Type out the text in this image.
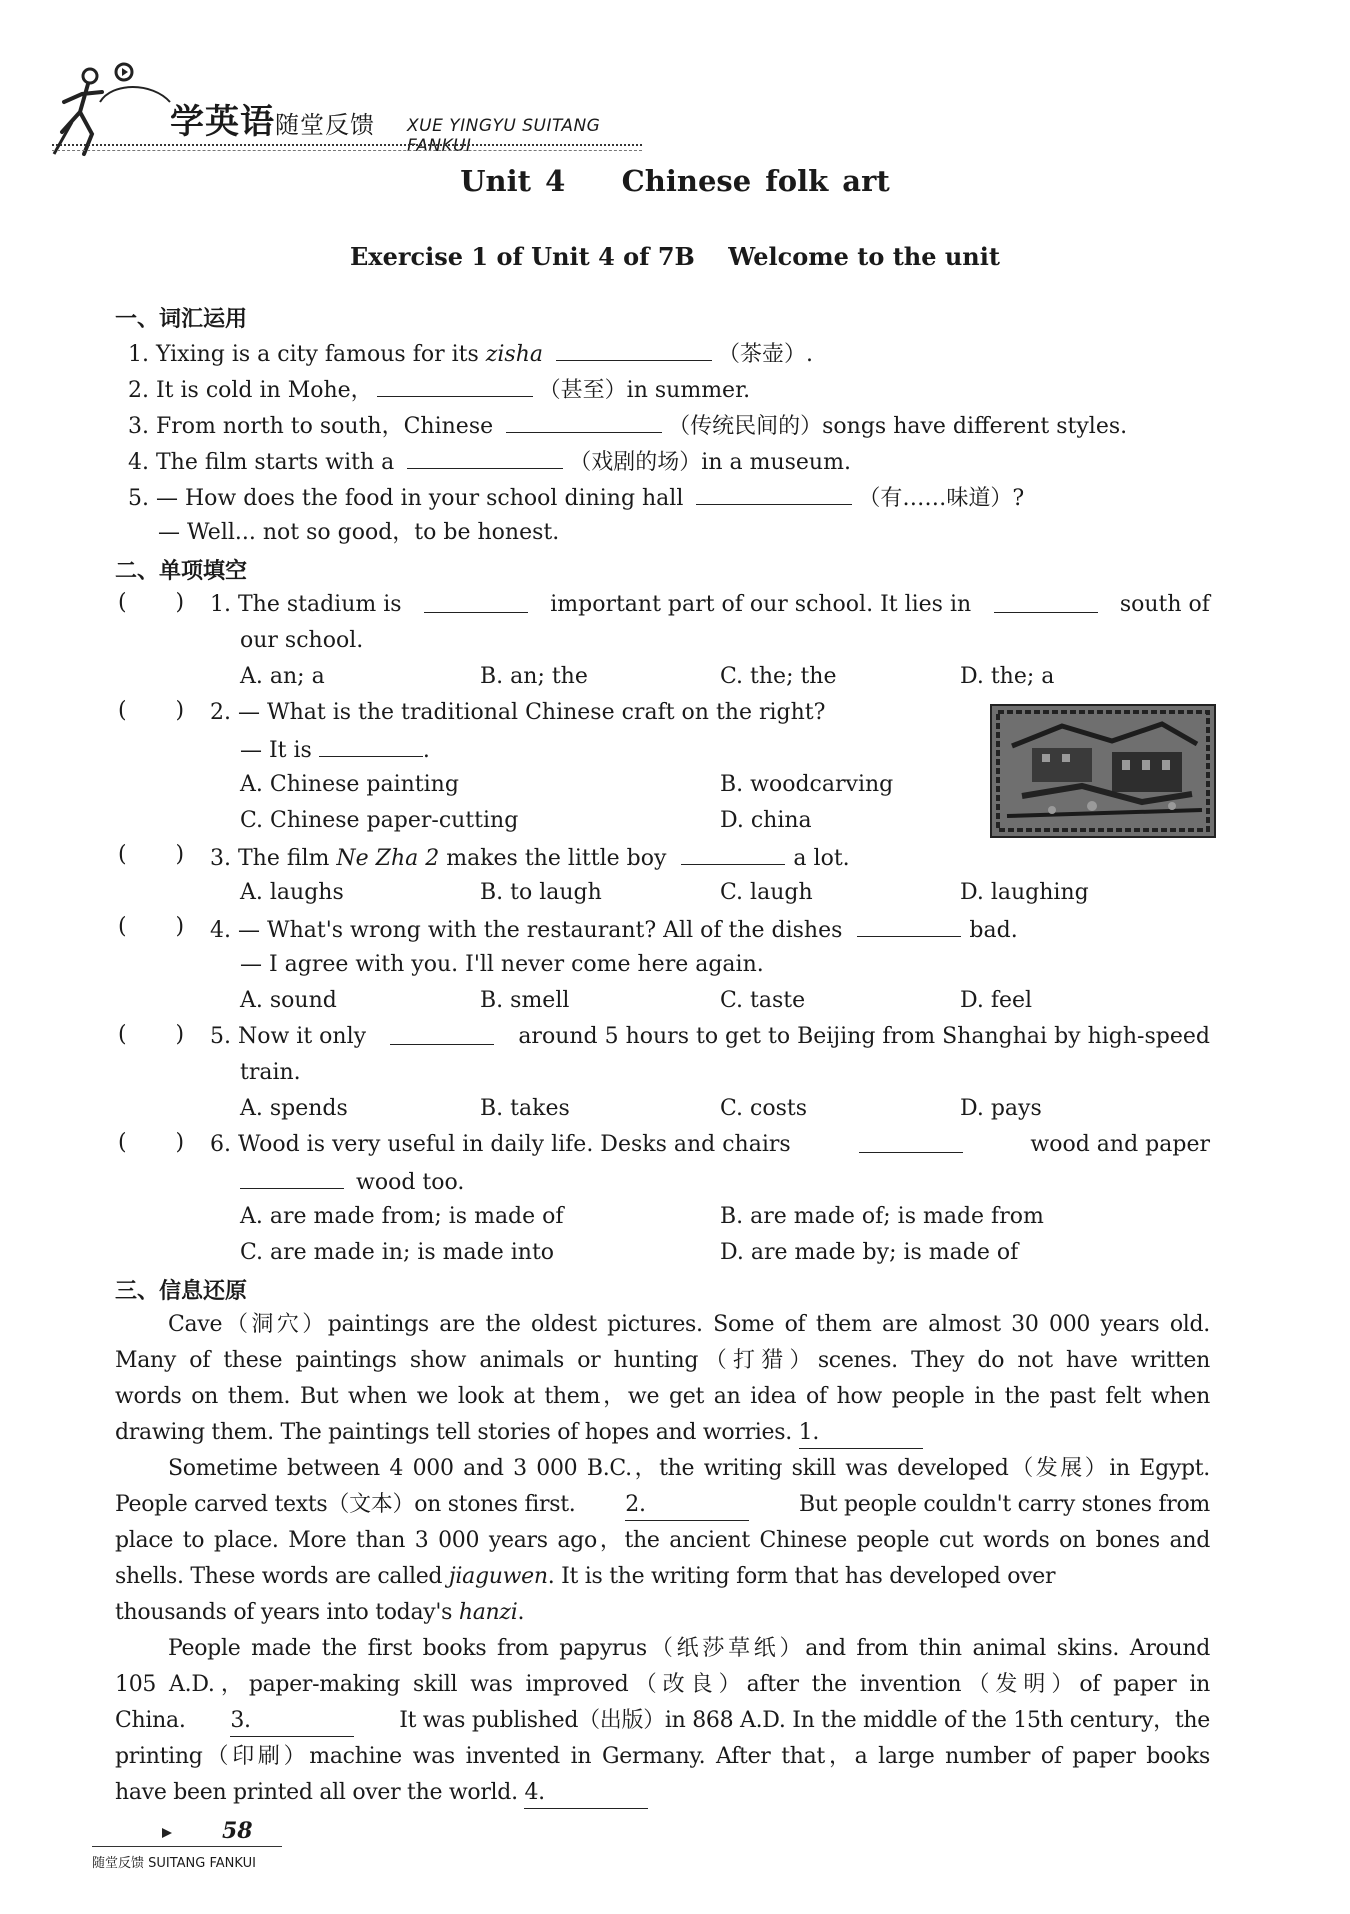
学英语随堂反馈 XUE YINGYU SUITANG FANKUI
Unit 4    Chinese folk art
Exercise 1 of Unit 4 of 7B    Welcome to the unit
一、词汇运用
1. Yixing is a city famous for its zisha	（茶壶）.
2. It is cold in Mohe，	（甚至）in summer.
3. From north to south，Chinese	（传统民间的）songs have different styles.
4. The film starts with a	（戏剧的场）in a museum.
5. — How does the food in your school dining hall	（有……味道）?
— Well... not so good，to be honest.
二、单项填空
(       ) 1. The stadium is	important part of our school. It lies in	south of
our school.
A. an; a	B. an; the	C. the; the	D. the; a
(       ) 2. — What is the traditional Chinese craft on the right?
— It is	.
A. Chinese painting	B. woodcarving
C. Chinese paper-cutting	D. china
(       ) 3. The film Ne Zha 2 makes the little boy	a lot.
A. laughs	B. to laugh	C. laugh	D. laughing
(       ) 4. — What's wrong with the restaurant? All of the dishes	bad.
— I agree with you. I'll never come here again.
A. sound	B. smell	C. taste	D. feel
(       ) 5. Now it only	around 5 hours to get to Beijing from Shanghai by high-speed
train.
A. spends	B. takes	C. costs	D. pays
(       ) 6. Wood is very useful in daily life. Desks and chairs	wood and paper
wood too.
A. are made from; is made of	B. are made of; is made from
C. are made in; is made into	D. are made by; is made of
三、信息还原
Cave（洞穴）paintings are the oldest pictures. Some of them are almost 30 000 years old.
Many of these paintings show animals or hunting（打猎）scenes. They do not have written
words on them. But when we look at them，we get an idea of how people in the past felt when
drawing them. The paintings tell stories of hopes and worries. 1.
Sometime between 4 000 and 3 000 B.C.，the writing skill was developed（发展）in Egypt.
People carved texts（文本）on stones first. 2.	But people couldn't carry stones from
place to place. More than 3 000 years ago，the ancient Chinese people cut words on bones and
shells. These words are called jiaguwen. It is the writing form that has developed over
thousands of years into today's hanzi.
People made the first books from papyrus（纸莎草纸）and from thin animal skins. Around
105 A.D.，paper-making skill was improved（改良）after the invention（发明）of paper in
China. 3.	It was published（出版）in 868 A.D. In the middle of the 15th century，the
printing（印刷）machine was invented in Germany. After that，a large number of paper books
have been printed all over the world. 4.
58
随堂反馈 SUITANG FANKUI
